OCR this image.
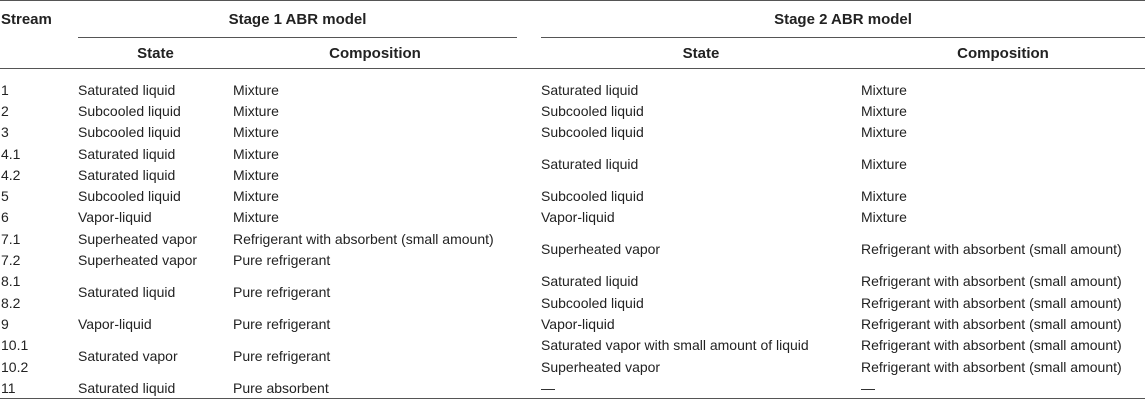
Stream	Stage 1 ABR model			Stage 2 ABR model	
	State	Composition		State	Composition

1	Saturated liquid	Mixture		Saturated liquid	Mixture
2	Subcooled liquid	Mixture		Subcooled liquid	Mixture
3	Subcooled liquid	Mixture		Subcooled liquid	Mixture
4.1	Saturated liquid	Mixture		Saturated liquid	Mixture
4.2	Saturated liquid	Mixture			
5	Subcooled liquid	Mixture		Subcooled liquid	Mixture
6	Vapor-liquid	Mixture		Vapor-liquid	Mixture
7.1	Superheated vapor	Refrigerant with absorbent (small amount)		Superheated vapor	Refrigerant with absorbent (small amount)
7.2	Superheated vapor	Pure refrigerant			
8.1	Saturated liquid	Pure refrigerant		Saturated liquid	Refrigerant with absorbent (small amount)
8.2				Subcooled liquid	Refrigerant with absorbent (small amount)
9	Vapor-liquid	Pure refrigerant		Vapor-liquid	Refrigerant with absorbent (small amount)
10.1	Saturated vapor	Pure refrigerant		Saturated vapor with small amount of liquid	Refrigerant with absorbent (small amount)
10.2				Superheated vapor	Refrigerant with absorbent (small amount)
11	Saturated liquid	Pure absorbent		—	—
